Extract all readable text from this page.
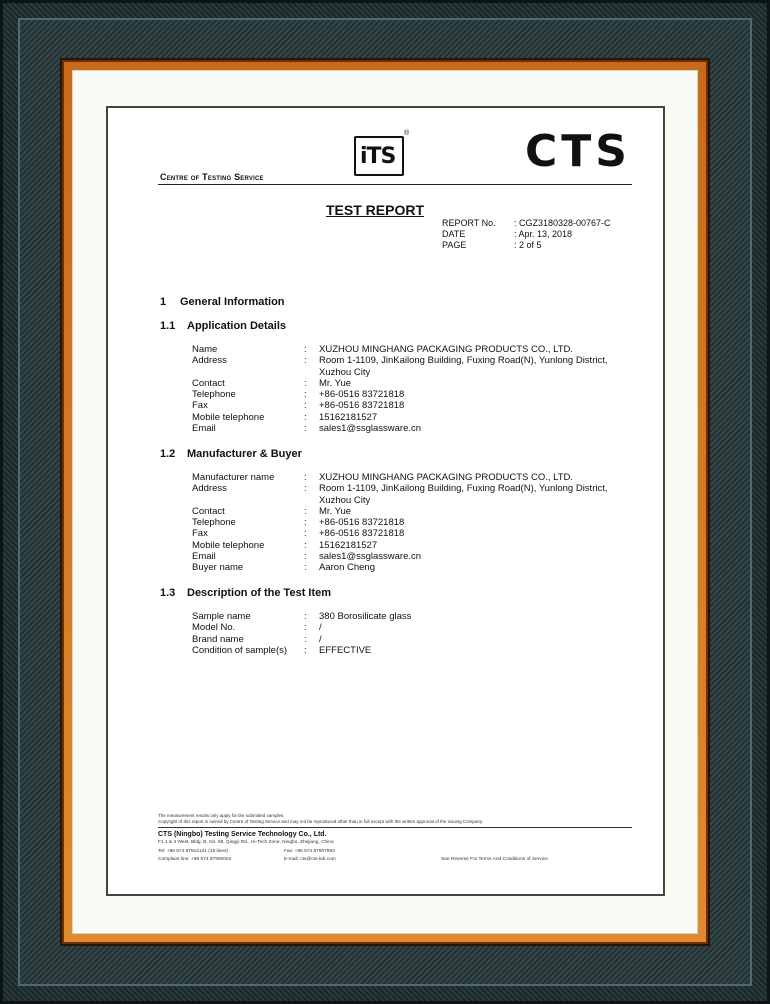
iTS
®	CTS
Centre of Testing Service
TEST REPORT
REPORT No.	: CGZ3180328-00767-C
DATE	: Apr. 13, 2018
PAGE	: 2 of 5
1 General Information
1.1 Application Details
Name	:	XUZHOU MINGHANG PACKAGING PRODUCTS CO., LTD.
Address	:	Room 1-1109, JinKailong Building, Fuxing Road(N), Yunlong District,
Xuzhou City
Contact	:	Mr. Yue
Telephone	:	+86-0516 83721818
Fax	:	+86-0516 83721818
Mobile telephone	:	15162181527
Email	:	sales1@ssglassware.cn
1.2 Manufacturer & Buyer
Manufacturer name	:	XUZHOU MINGHANG PACKAGING PRODUCTS CO., LTD.
Address	:	Room 1-1109, JinKailong Building, Fuxing Road(N), Yunlong District,
Xuzhou City
Contact	:	Mr. Yue
Telephone	:	+86-0516 83721818
Fax	:	+86-0516 83721818
Mobile telephone	:	15162181527
Email	:	sales1@ssglassware.cn
Buyer name	:	Aaron Cheng
1.3 Description of the Test Item
Sample name	:	380 Borosilicate glass
Model No.	:	/
Brand name	:	/
Condition of sample(s)	:	EFFECTIVE
The measurement results only apply for the submitted samples.
Copyright of this report is owned by Centre of Testing Service and may not be reproduced other than in full except with the written approval of the issuing Company.
CTS (Ningbo) Testing Service Technology Co., Ltd.
F1.1 & 4 West, Bldg. B, No. 88, Qingyi Rd., Hi-Tech Zone, Ningbo, Zhejiang, China
Tel: +86 574 87912121 (16 lines)	Fax: +86 574 87907993
Complaint line: +86 574 87900003	E-mail: cts@cts-lab.com	See Reverse For Terms And Conditions of Service
